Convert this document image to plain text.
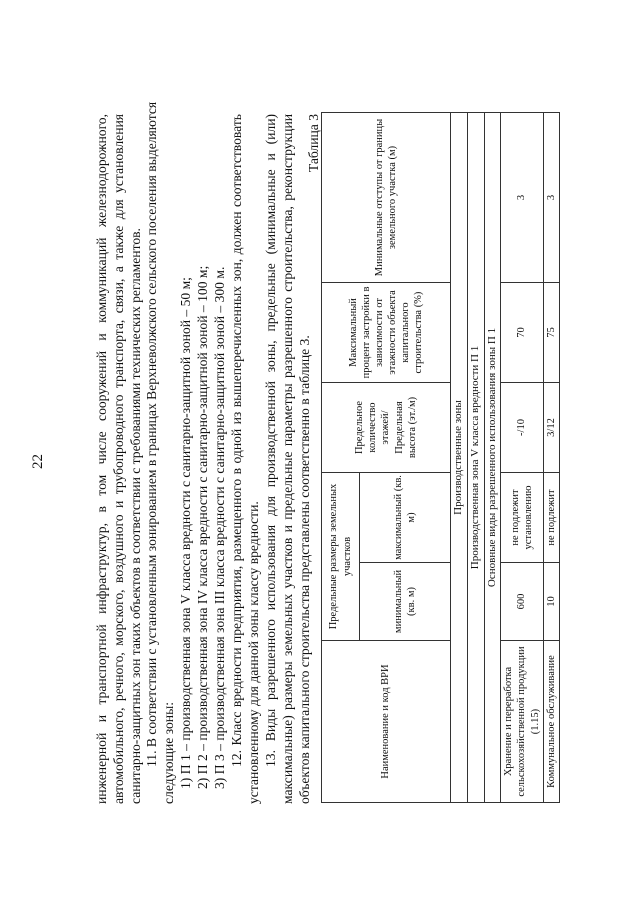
22	инженерной и транспортной инфраструктур, в том числе сооружений и коммуникаций железнодорожного, автомобильного, речного, морского, воздушного и трубопроводного транспорта, связи, а также для установления санитарно-защитных зон таких объектов в соответствии с требованиями технических регламентов. 11. В соответствии с установленным зонированием в границах Верхневолжского сельского поселения выделяются следующие зоны: 1) П 1 – производственная зона V класса вредности с санитарно-защитной зоной – 50 м; 2) П 2 – производственная зона IV класса вредности с санитарно-защитной зоной – 100 м; 3) П 3 – производственная зона III класса вредности с санитарно-защитной зоной – 300 м. 12. Класс вредности предприятия, размещенного в одной из вышеперечисленных зон, должен соответствовать установленному для данной зоны классу вредности. 13. Виды разрешенного использования для производственной зоны, предельные (минимальные и (или) максимальные) размеры земельных участков и предельные параметры разрешенного строительства, реконструкции объектов капитального строительства представлены соответственно в таблице 3.
Таблица 3
Наименование и код ВРИ	Предельные размеры земельных участков		Предельное количество этажей/ Предельная высота (эт./м)	Максимальный процент застройки в зависимости от этажности объекта капитального строительства (%)	Минимальные отступы от границы земельного участка (м)
	минимальный (кв. м)	максимальный (кв. м)			
Производственные зоны					
Производственная зона V класса вредности П 1					
Основные виды разрешенного использования зоны П 1					
Хранение и переработка сельскохозяйственной продукции (1.15)	600	не подлежит установлению	-/10	70	3
Коммунальное обслуживание	10	не подлежит	3/12	75	3
